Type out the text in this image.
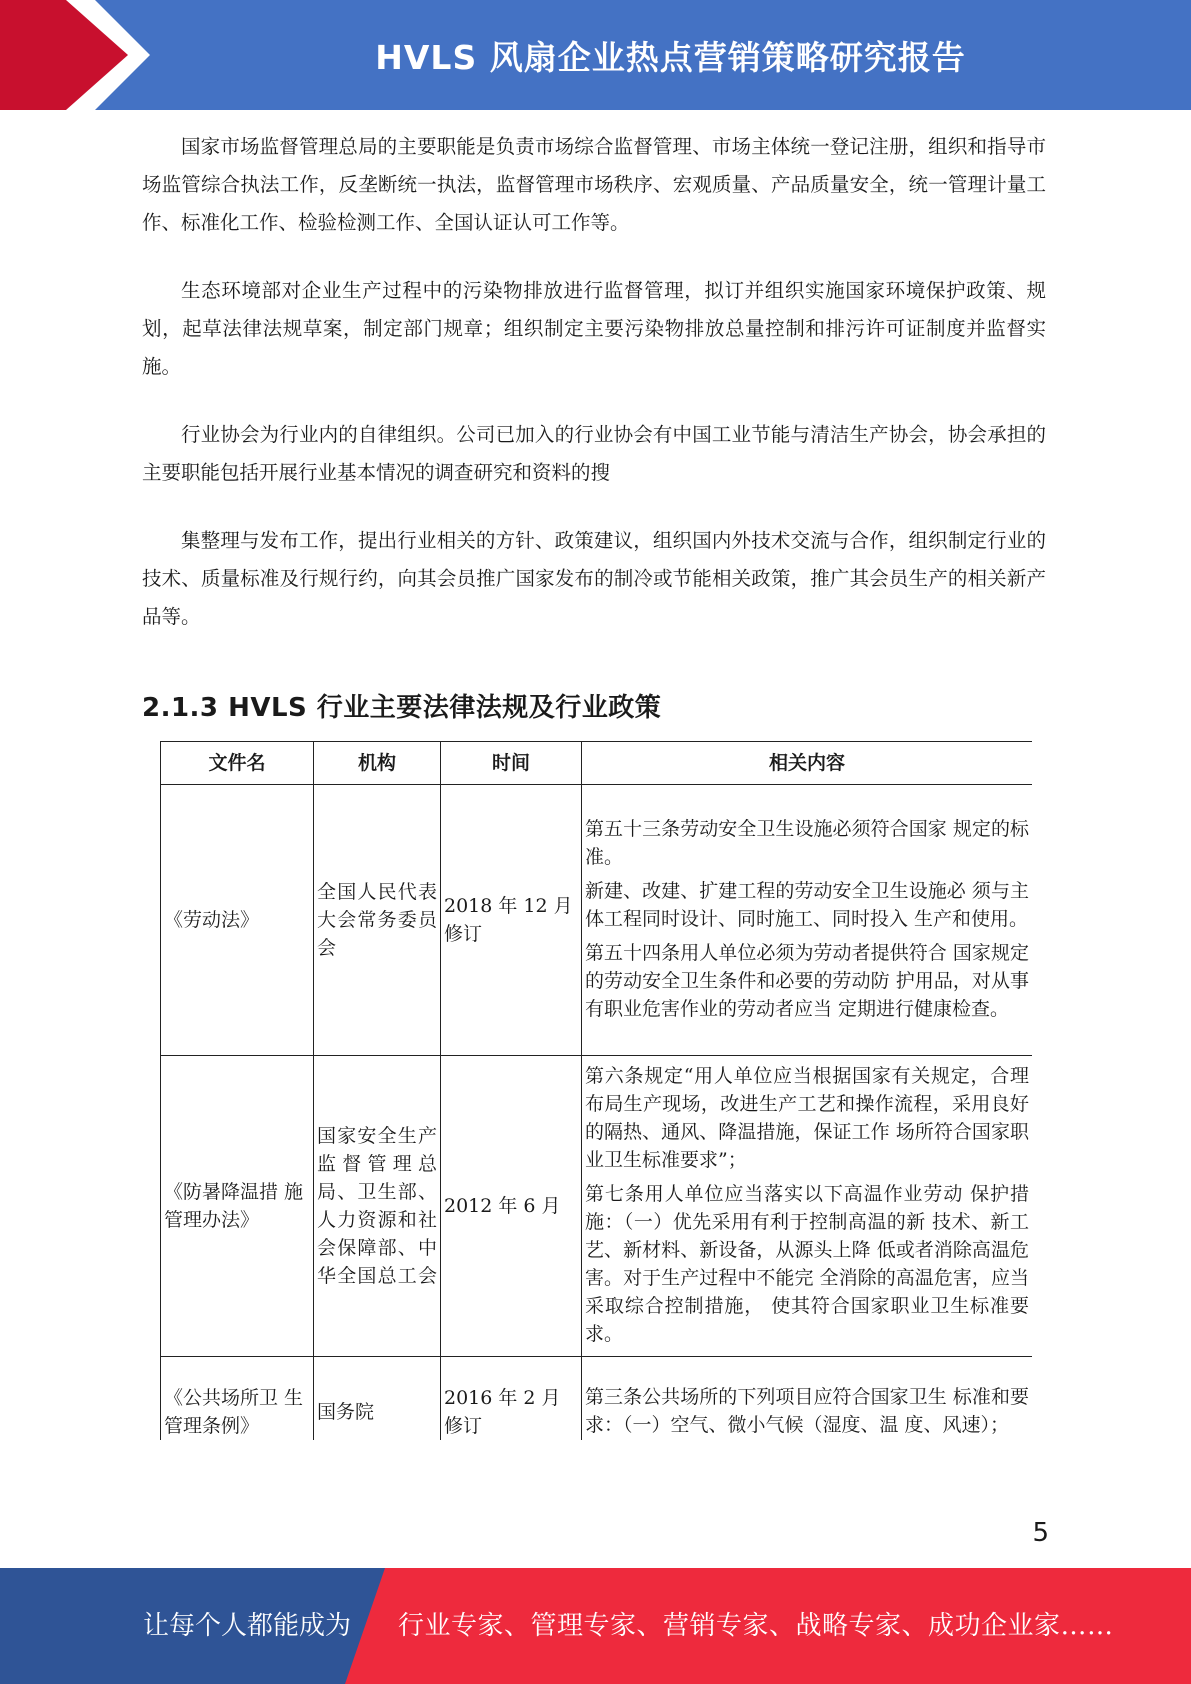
HVLS 风扇企业热点营销策略研究报告

国家市场监督管理总局的主要职能是负责市场综合监督管理、市场主体统一登记注册，组织和指导市场监管综合执法工作，反垄断统一执法，监督管理市场秩序、宏观质量、产品质量安全，统一管理计量工作、标准化工作、检验检测工作、全国认证认可工作等。

生态环境部对企业生产过程中的污染物排放进行监督管理，拟订并组织实施国家环境保护政策、规划，起草法律法规草案，制定部门规章；组织制定主要污染物排放总量控制和排污许可证制度并监督实施。

行业协会为行业内的自律组织。公司已加入的行业协会有中国工业节能与清洁生产协会，协会承担的主要职能包括开展行业基本情况的调查研究和资料的搜

集整理与发布工作，提出行业相关的方针、政策建议，组织国内外技术交流与合作，组织制定行业的技术、质量标准及行规行约，向其会员推广国家发布的制冷或节能相关政策，推广其会员生产的相关新产品等。

2.1.3 HVLS 行业主要法律法规及行业政策
文件名	机构	时间	相关内容
《劳动法》	全国人民代表大会常务委员会	2018 年 12 月修订	第五十三条劳动安全卫生设施必须符合国家 规定的标准。

新建、改建、扩建工程的劳动安全卫生设施必 须与主体工程同时设计、同时施工、同时投入 生产和使用。

第五十四条用人单位必须为劳动者提供符合 国家规定的劳动安全卫生条件和必要的劳动防 护用品，对从事有职业危害作业的劳动者应当 定期进行健康检查。

《防暑降温措 施管理办法》	国家安全生产监督管理总局、卫生部、人力资源和社会保障部、中华全国总工会	2012 年 6 月	第六条规定“用人单位应当根据国家有关规定，合理布局生产现场，改进生产工艺和操作流程，采用良好的隔热、通风、降温措施，保证工作 场所符合国家职业卫生标准要求”；

第七条用人单位应当落实以下高温作业劳动 保护措施：（一）优先采用有利于控制高温的新 技术、新工艺、新材料、新设备，从源头上降 低或者消除高温危害。对于生产过程中不能完 全消除的高温危害，应当采取综合控制措施， 使其符合国家职业卫生标准要求。

《公共场所卫 生管理条例》	国务院	2016 年 2 月修订	第三条公共场所的下列项目应符合国家卫生 标准和要求：（一）空气、微小气候（湿度、温 度、风速）；

5
让每个人都能成为 行业专家、管理专家、营销专家、战略专家、成功企业家……
